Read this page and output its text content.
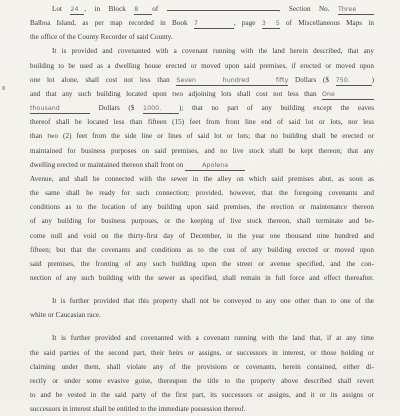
Lot 24 , in Block 8 of	, Section No. Three
Balboa Island, as per map recorded in Book 7	, page 3 5 of Miscellaneous Maps in
the office of the County Recorder of said County.
It is provided and covenanted with a covenant running with the land herein described, that any
building to be used as a dwelling house erected or moved upon said premises, if erected or moved upon
one lot alone, shall cost not less than Seven hundred fifty Dollars ($ 750.	)
and that any such building located upon two adjoining lots shall cost not less than One
thousand	Dollars ($ 1000. ); that no part of any building except the eaves
thereof shall be located less than fifteen (15) feet from front line end of said lot or lots, nor less
than two (2) feet from the side line or lines of said lot or lots; that no building shall be erected or
maintained for business purposes on said premises, and no live stock shall be kept thereon; that any
dwelling erected or maintained thereon shall front on	Apolena
Avenue, and shall be connected with the sewer in the alley on which said premises abut, as soon as
the same shall be ready for such connection; provided, however, that the foregoing covenants and
conditions as to the location of any building upon said premises, the erection or maintenance thereon
of any building for business purposes, or the keeping of live stock thereon, shall terminate and be-
come null and void on the thirty-first day of December, in the year one thousand nine hundred and
fifteen; but that the covenants and conditions as to the cost of any building erected or moved upon
said premises, the fronting of any such building upon the street or avenue specified, and the con-
nection of any such building with the sewer as specified, shall remain in full force and effect thereafter.
It is further provided that this property shall not be conveyed to any one other than to one of the
white or Caucasian race.
It is further provided and covenanted with a covenant running with the land that, if at any time
the said parties of the second part, their heirs or assigns, or successors in interest, or those holding or
claiming under them, shall violate any of the provisions or covenants, herein contained, either di-
rectly or under some evasive guise, thereupon the title to the property above described shall revert
to and be vested in the said party of the first part, its successors or assigns, and it or its assigns or
successors in interest shall be entitled to the immediate possession thereof.
